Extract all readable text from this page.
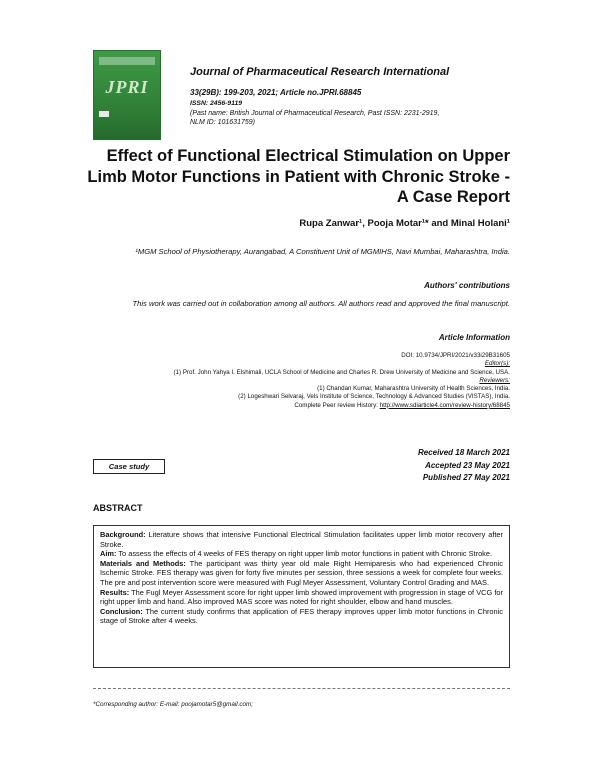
JPRI
Journal of Pharmaceutical Research International
33(29B): 199-203, 2021; Article no.JPRI.68845
ISSN: 2456-9119
(Past name: British Journal of Pharmaceutical Research, Past ISSN: 2231-2919,
NLM ID: 101631759)
Effect of Functional Electrical Stimulation on Upper Limb Motor Functions in Patient with Chronic Stroke - A Case Report
Rupa Zanwar¹, Pooja Motar¹* and Minal Holani¹
¹MGM School of Physiotherapy, Aurangabad, A Constituent Unit of MGMIHS, Navi Mumbai, Maharashtra, India.
Authors' contributions
This work was carried out in collaboration among all authors. All authors read and approved the final manuscript.
Article Information
DOI: 10.9734/JPRI/2021/v33i29B31605
Editor(s):
(1) Prof. John Yahya I. Elshimali, UCLA School of Medicine and Charles R. Drew University of Medicine and Science, USA.
Reviewers:
(1) Chandan Kumar, Maharashtra University of Health Sciences, India.
(2) Logeshwari Selvaraj, Vels Institute of Science, Technology & Advanced Studies (VISTAS), India.
Complete Peer review History: http://www.sdiarticle4.com/review-history/68845
Case study
Received 18 March 2021
Accepted 23 May 2021
Published 27 May 2021
ABSTRACT

Background: Literature shows that intensive Functional Electrical Stimulation facilitates upper limb motor recovery after Stroke.

Aim: To assess the effects of 4 weeks of FES therapy on right upper limb motor functions in patient with Chronic Stroke.

Materials and Methods: The participant was thirty year old male Right Hemiparesis who had experienced Chronic Ischemic Stroke. FES therapy was given for forty five minutes per session, three sessions a week for complete four weeks. The pre and post intervention score were measured with Fugl Meyer Assessment, Voluntary Control Grading and MAS.

Results: The Fugl Meyer Assessment score for right upper limb showed improvement with progression in stage of VCG for right upper limb and hand. Also improved MAS score was noted for right shoulder, elbow and hand muscles.

Conclusion: The current study confirms that application of FES therapy improves upper limb motor functions in Chronic stage of Stroke after 4 weeks.

*Corresponding author: E-mail: poojamotar5@gmail.com;
